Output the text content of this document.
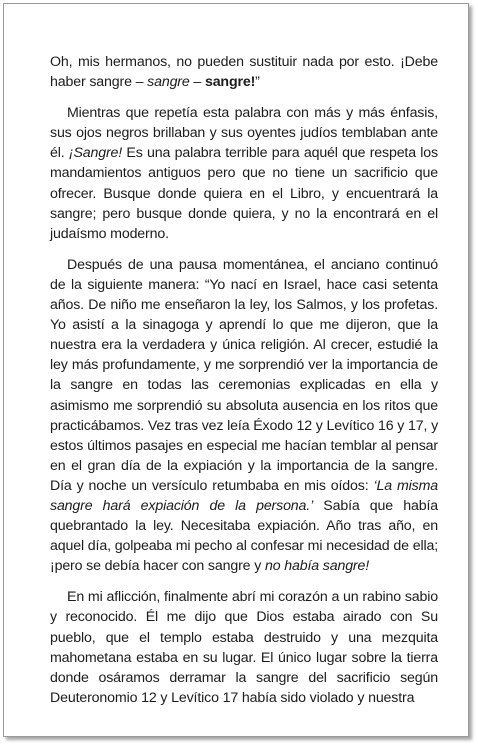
Oh, mis hermanos, no pueden sustituir nada por esto. ¡Debe haber sangre – sangre – sangre!”

Mientras que repetía esta palabra con más y más énfasis, sus ojos negros brillaban y sus oyentes judíos temblaban ante él. ¡Sangre! Es una palabra terrible para aquél que respeta los mandamientos antiguos pero que no tiene un sacrificio que ofrecer. Busque donde quiera en el Libro, y encuentrará la sangre; pero busque donde quiera, y no la encontrará en el judaísmo moderno.

Después de una pausa momentánea, el anciano continuó de la siguiente manera: “Yo nací en Israel, hace casi setenta años. De niño me enseñaron la ley, los Salmos, y los profetas. Yo asistí a la sinagoga y aprendí lo que me dijeron, que la nuestra era la verdadera y única religión. Al crecer, estudié la ley más profundamente, y me sorprendió ver la importancia de la sangre en todas las ceremonias explicadas en ella y asimismo me sorprendió su absoluta ausencia en los ritos que practicábamos. Vez tras vez leía Éxodo 12 y Levítico 16 y 17, y estos últimos pasajes en especial me hacían temblar al pensar en el gran día de la expiación y la importancia de la sangre. Día y noche un versículo retumbaba en mis oídos: ‘La misma sangre hará expiación de la persona.’ Sabía que había quebrantado la ley. Necesitaba expiación. Año tras año, en aquel día, golpeaba mi pecho al confesar mi necesidad de ella; ¡pero se debía hacer con sangre y no había sangre!

En mi aflicción, finalmente abrí mi corazón a un rabino sabio y reconocido. Él me dijo que Dios estaba airado con Su pueblo, que el templo estaba destruido y una mezquita mahometana estaba en su lugar. El único lugar sobre la tierra donde osáramos derramar la sangre del sacrificio según Deuteronomio 12 y Levítico 17 había sido violado y nuestra
